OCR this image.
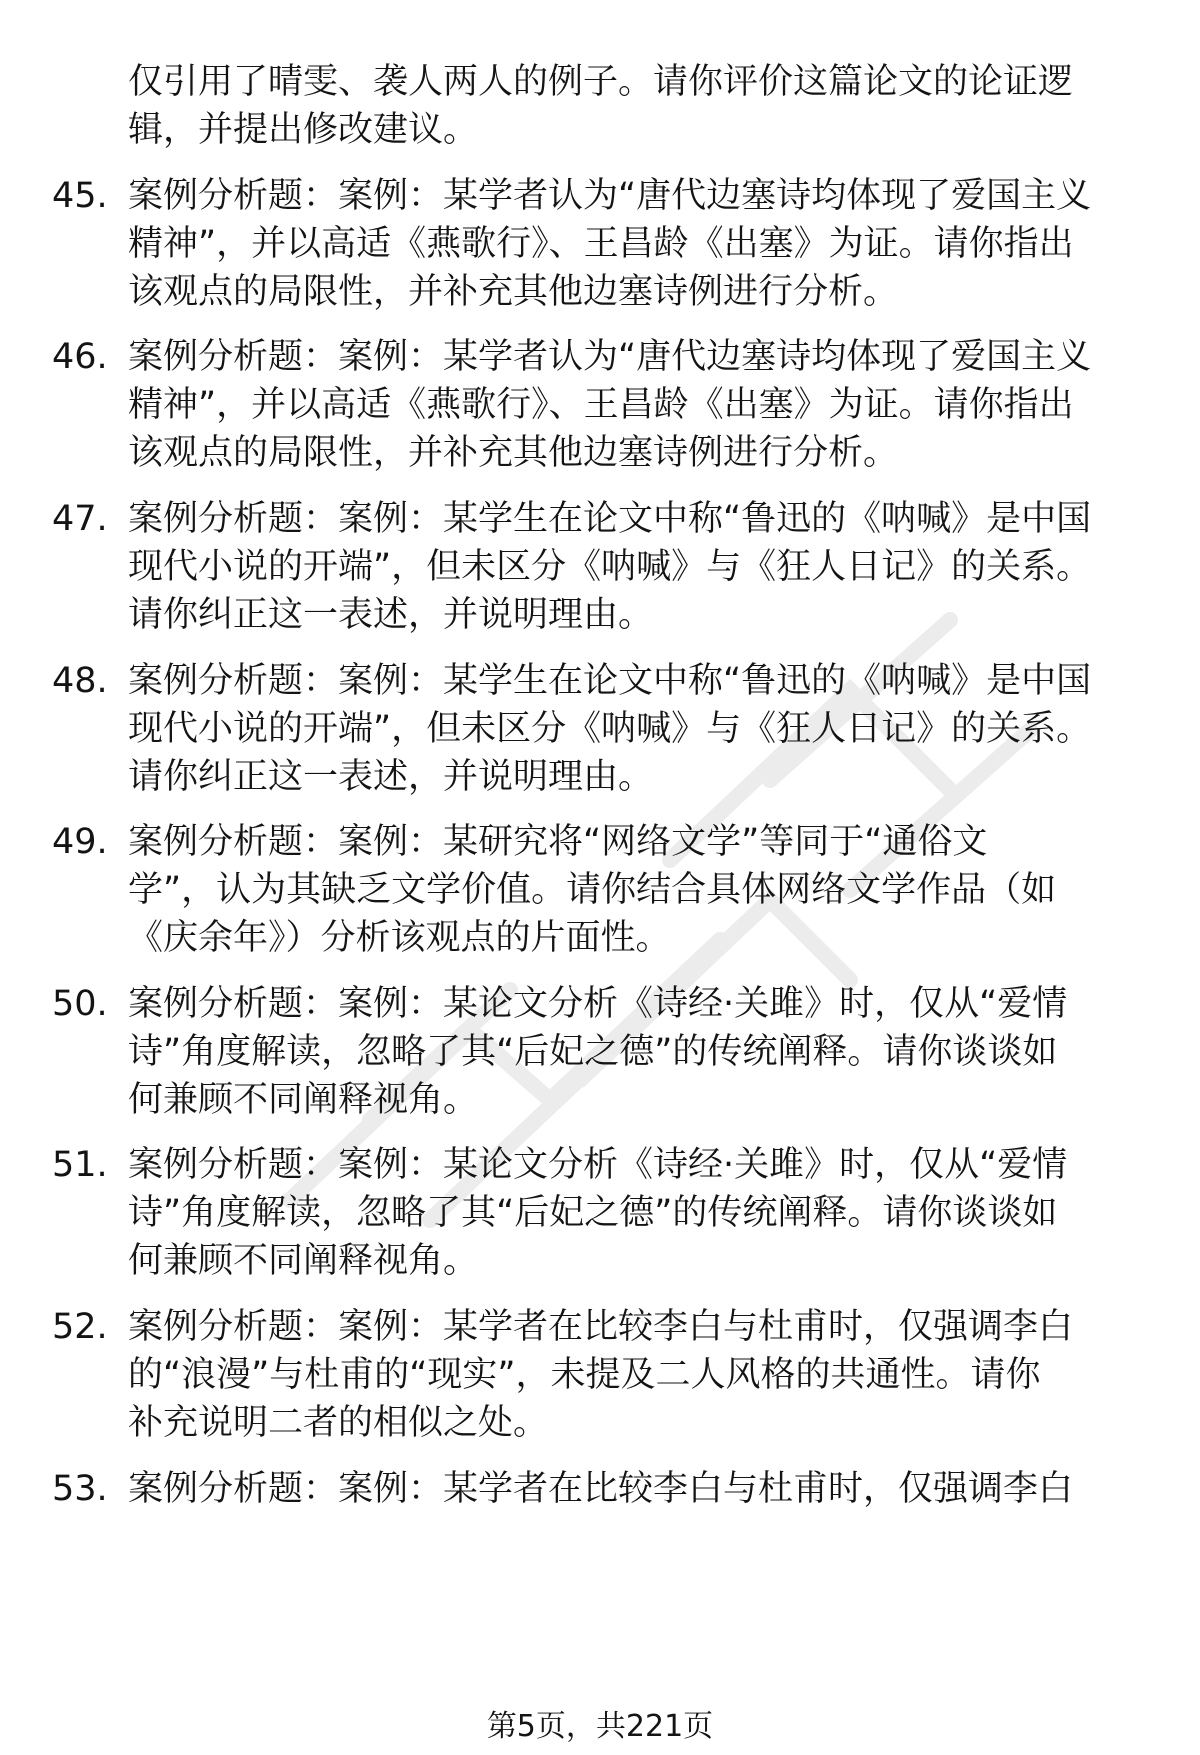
仅引用了晴雯、袭人两人的例子。请你评价这篇论文的论证逻
辑，并提出修改建议。
45. 案例分析题：案例：某学者认为“唐代边塞诗均体现了爱国主义
精神”，并以高适《燕歌行》、王昌龄《出塞》为证。请你指出
该观点的局限性，并补充其他边塞诗例进行分析。
46. 案例分析题：案例：某学者认为“唐代边塞诗均体现了爱国主义
精神”，并以高适《燕歌行》、王昌龄《出塞》为证。请你指出
该观点的局限性，并补充其他边塞诗例进行分析。
47. 案例分析题：案例：某学生在论文中称“鲁迅的《呐喊》是中国
现代小说的开端”，但未区分《呐喊》与《狂人日记》的关系。
请你纠正这一表述，并说明理由。
48. 案例分析题：案例：某学生在论文中称“鲁迅的《呐喊》是中国
现代小说的开端”，但未区分《呐喊》与《狂人日记》的关系。
请你纠正这一表述，并说明理由。
49. 案例分析题：案例：某研究将“网络文学”等同于“通俗文
学”，认为其缺乏文学价值。请你结合具体网络文学作品（如
《庆余年》）分析该观点的片面性。
50. 案例分析题：案例：某论文分析《诗经·关雎》时，仅从“爱情
诗”角度解读，忽略了其“后妃之德”的传统阐释。请你谈谈如
何兼顾不同阐释视角。
51. 案例分析题：案例：某论文分析《诗经·关雎》时，仅从“爱情
诗”角度解读，忽略了其“后妃之德”的传统阐释。请你谈谈如
何兼顾不同阐释视角。
52. 案例分析题：案例：某学者在比较李白与杜甫时，仅强调李白
的“浪漫”与杜甫的“现实”，未提及二人风格的共通性。请你
补充说明二者的相似之处。
53. 案例分析题：案例：某学者在比较李白与杜甫时，仅强调李白
第5页，共221页
